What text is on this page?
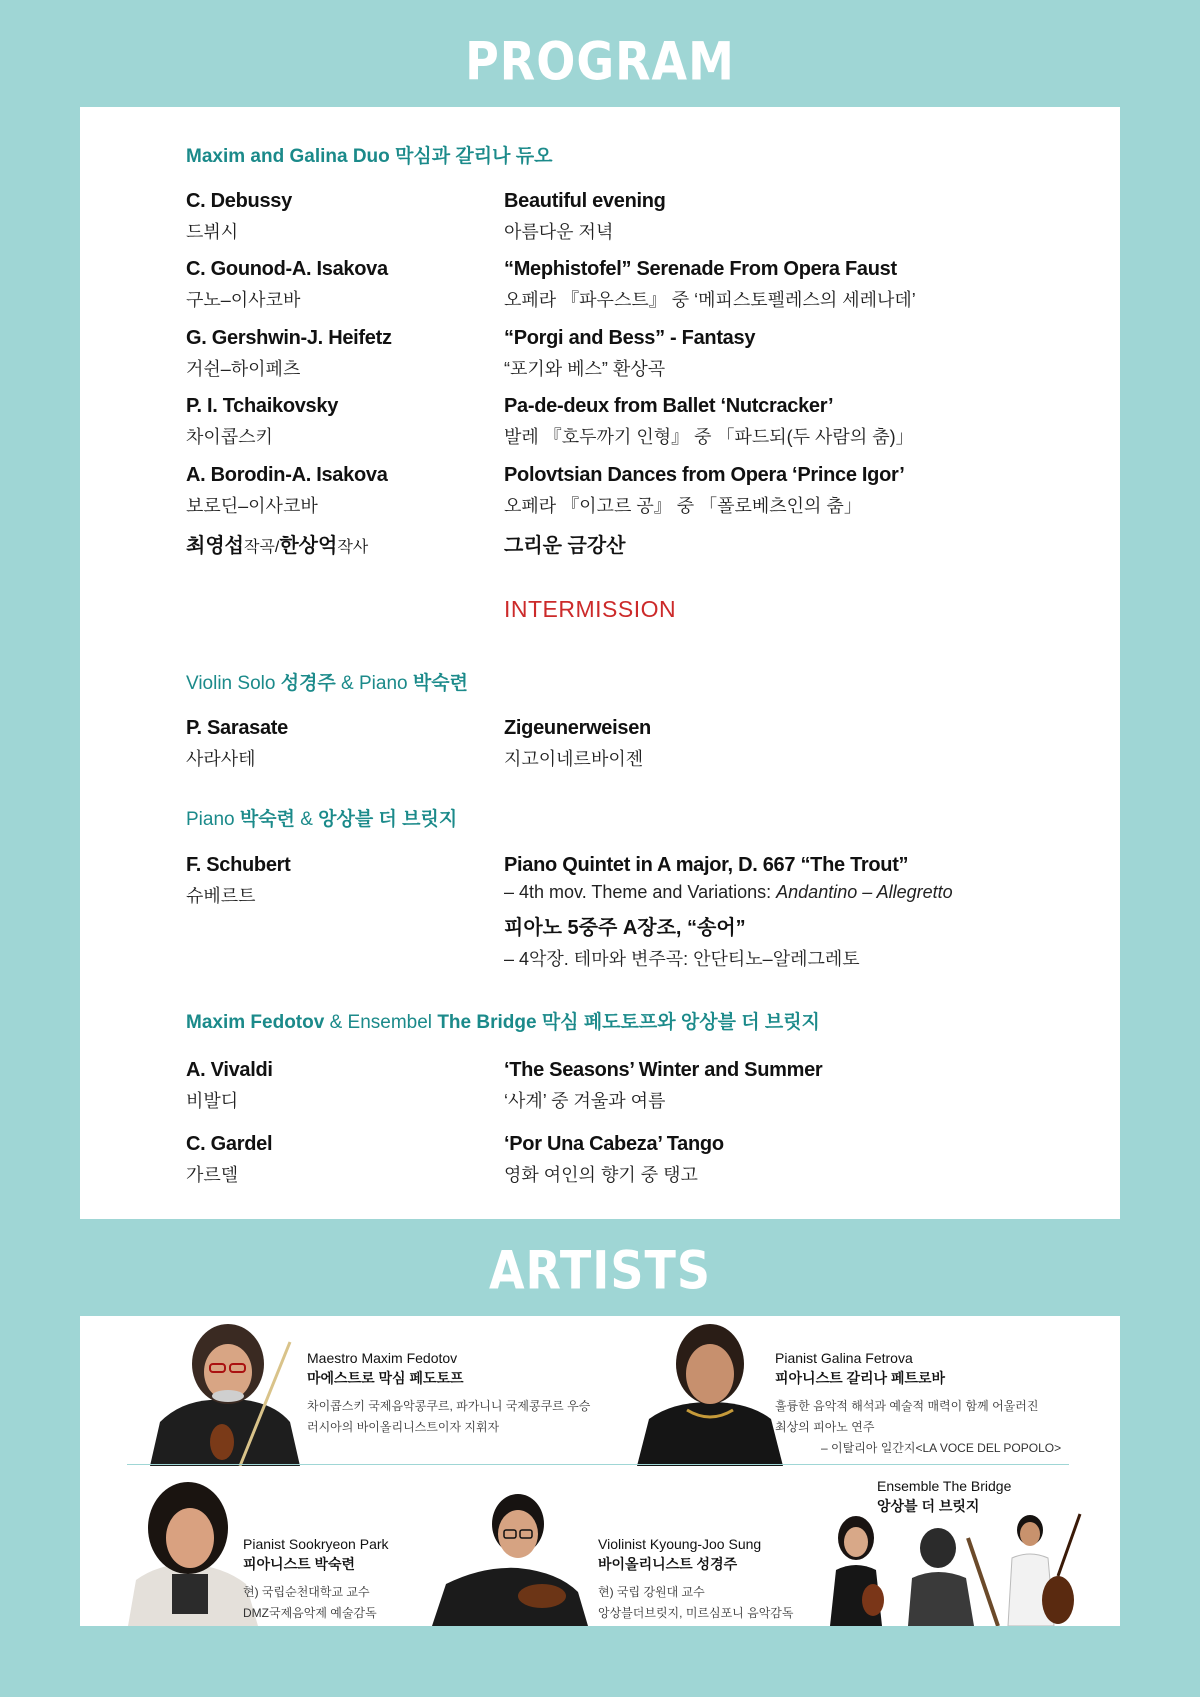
PROGRAM
Maxim and Galina Duo 막심과 갈리나 듀오
C. Debussy
드뷔시
Beautiful evening
아름다운 저녁
C. Gounod-A. Isakova
구노–이사코바
“Mephistofel” Serenade From Opera Faust
오페라 『파우스트』 중 ‘메피스토펠레스의 세레나데’
G. Gershwin-J. Heifetz
거쉰–하이페츠
“Porgi and Bess” - Fantasy
“포기와 베스” 환상곡
P. I. Tchaikovsky
차이콥스키
Pa-de-deux from Ballet ‘Nutcracker’
발레 『호두까기 인형』 중 「파드되(두 사람의 춤)」
A. Borodin-A. Isakova
보로딘–이사코바
Polovtsian Dances from Opera ‘Prince Igor’
오페라 『이고르 공』 중 「폴로베츠인의 춤」
최영섭작곡/한상억작사	그리운 금강산
INTERMISSION
Violin Solo 성경주 & Piano 박숙련
P. Sarasate
사라사테
Zigeunerweisen
지고이네르바이젠
Piano 박숙련 & 앙상블 더 브릿지
F. Schubert
슈베르트
Piano Quintet in A major, D. 667 “The Trout”
– 4th mov. Theme and Variations: Andantino – Allegretto
피아노 5중주 A장조, “송어”
– 4악장. 테마와 변주곡: 안단티노–알레그레토
Maxim Fedotov & Ensembel The Bridge 막심 페도토프와 앙상블 더 브릿지
A. Vivaldi
비발디
‘The Seasons’ Winter and Summer
‘사계’ 중 겨울과 여름
C. Gardel
가르델
‘Por Una Cabeza’ Tango
영화 여인의 향기 중 탱고
ARTISTS
Maestro Maxim Fedotov
마에스트로 막심 페도토프
차이콥스키 국제음악콩쿠르, 파가니니 국제콩쿠르 우승
러시아의 바이올리니스트이자 지휘자
Pianist Galina Fetrova
피아니스트 갈리나 페트로바
훌륭한 음악적 해석과 예술적 매력이 함께 어울러진
최상의 피아노 연주
– 이탈리아 일간지<LA VOCE DEL POPOLO>
Pianist Sookryeon Park
피아니스트 박숙련
현) 국립순천대학교 교수
DMZ국제음악제 예술감독
Violinist Kyoung-Joo Sung
바이올리니스트 성경주
현) 국립 강원대 교수
앙상블더브릿지, 미르심포니 음악감독
Ensemble The Bridge
앙상블 더 브릿지
